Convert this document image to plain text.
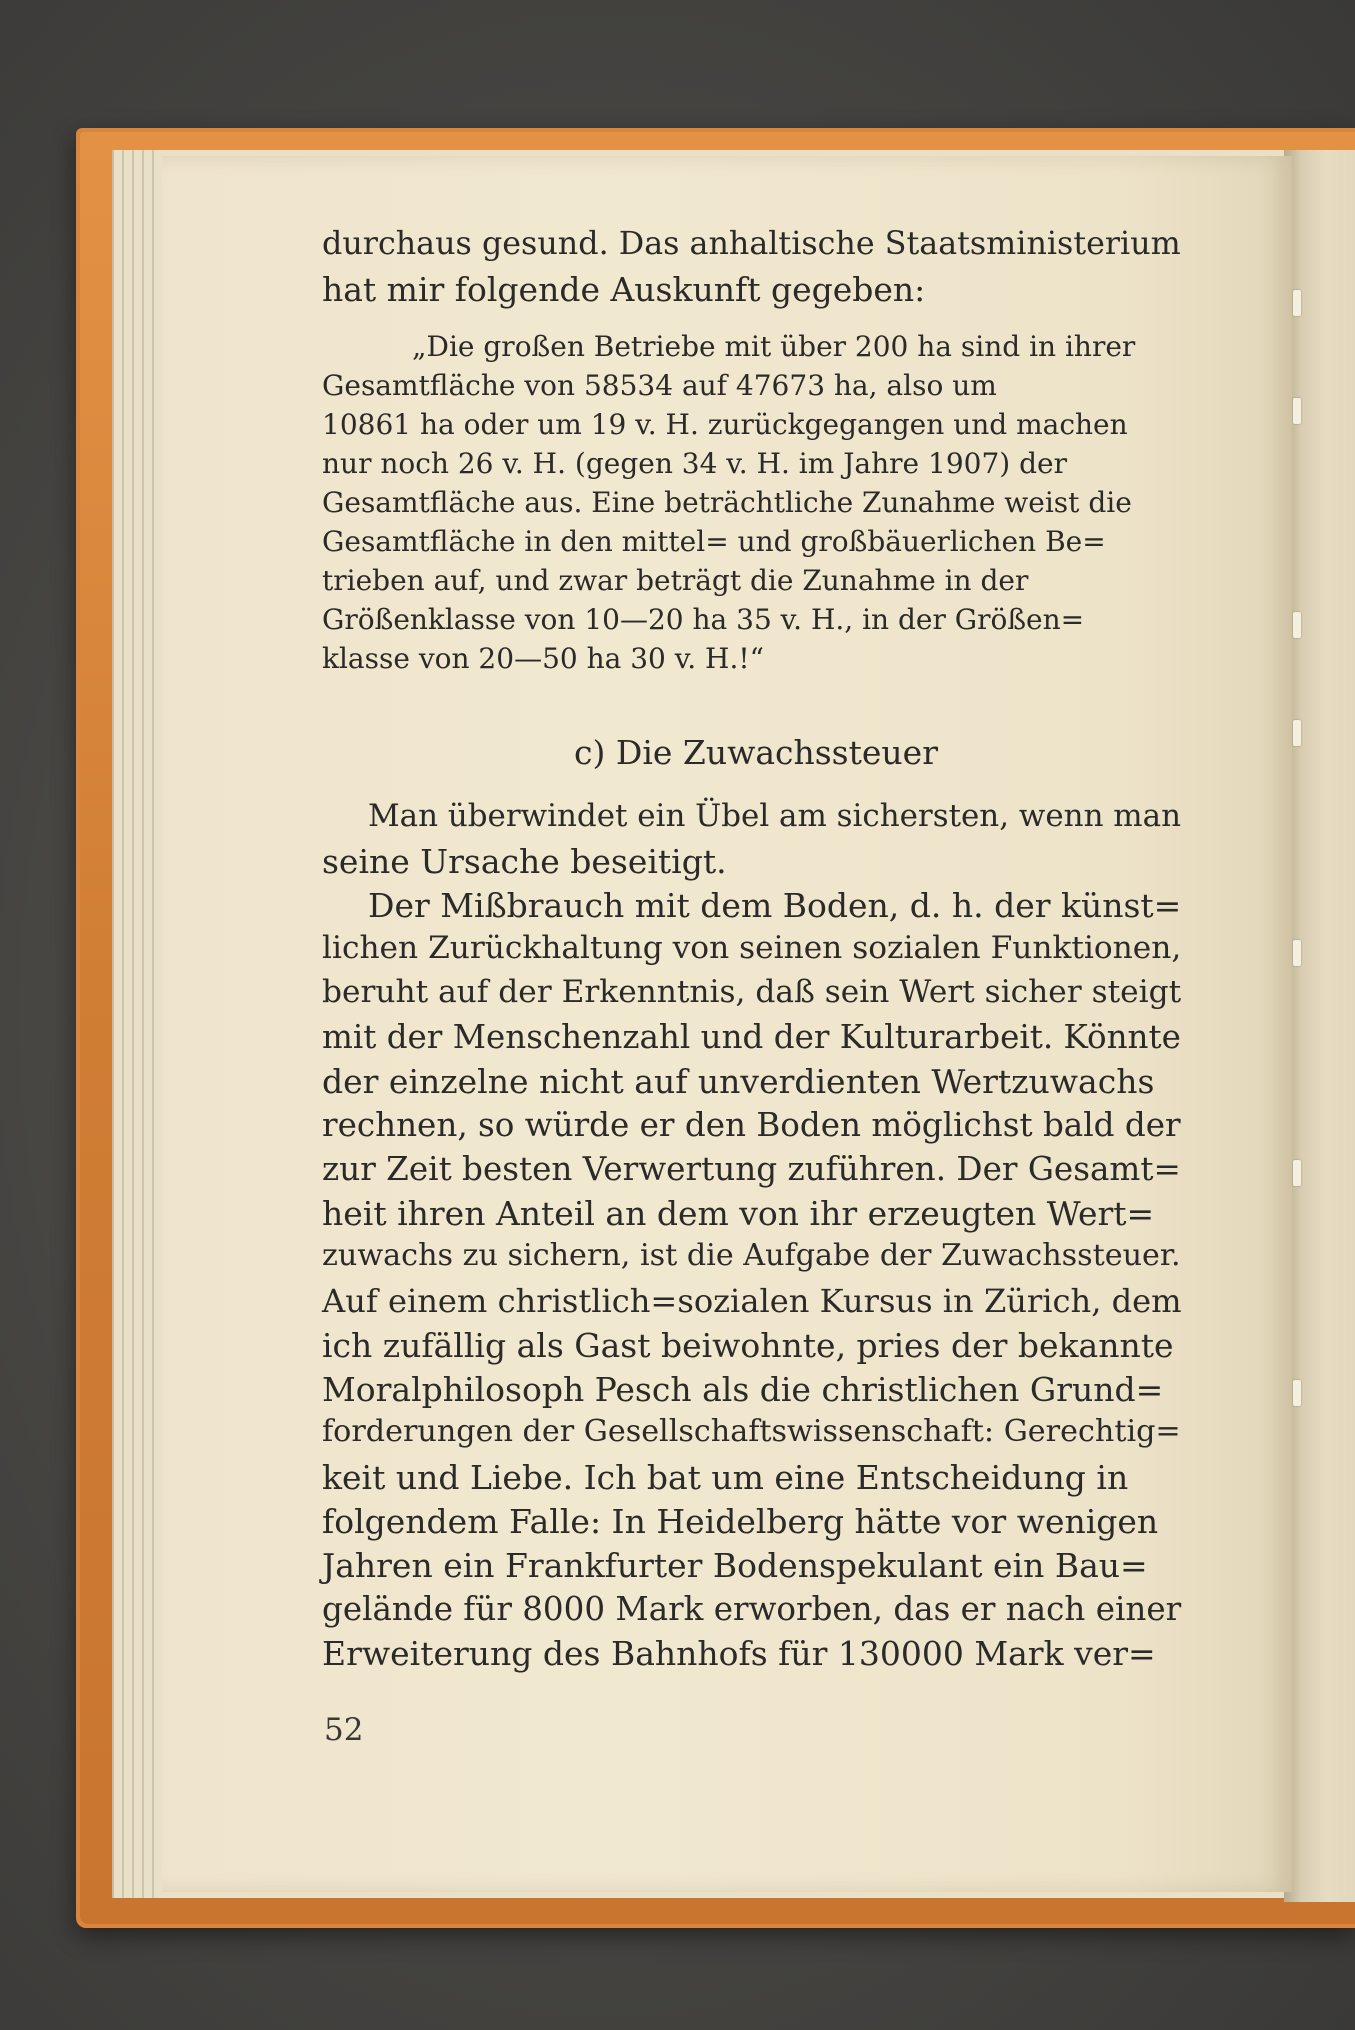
durchaus gesund. Das anhaltische Staatsministerium
hat mir folgende Auskunft gegeben:
„Die großen Betriebe mit über 200 ha sind in ihrer
Gesamtfläche von 58534 auf 47673 ha, also um
10861 ha oder um 19 v. H. zurückgegangen und machen
nur noch 26 v. H. (gegen 34 v. H. im Jahre 1907) der
Gesamtfläche aus. Eine beträchtliche Zunahme weist die
Gesamtfläche in den mittel= und großbäuerlichen Be=
trieben auf, und zwar beträgt die Zunahme in der
Größenklasse von 10—20 ha 35 v. H., in der Größen=
klasse von 20—50 ha 30 v. H.!“
c) Die Zuwachssteuer
Man überwindet ein Übel am sichersten, wenn man
seine Ursache beseitigt.
Der Mißbrauch mit dem Boden, d. h. der künst=
lichen Zurückhaltung von seinen sozialen Funktionen,
beruht auf der Erkenntnis, daß sein Wert sicher steigt
mit der Menschenzahl und der Kulturarbeit. Könnte
der einzelne nicht auf unverdienten Wertzuwachs
rechnen, so würde er den Boden möglichst bald der
zur Zeit besten Verwertung zuführen. Der Gesamt=
heit ihren Anteil an dem von ihr erzeugten Wert=
zuwachs zu sichern, ist die Aufgabe der Zuwachssteuer.
Auf einem christlich=sozialen Kursus in Zürich, dem
ich zufällig als Gast beiwohnte, pries der bekannte
Moralphilosoph Pesch als die christlichen Grund=
forderungen der Gesellschaftswissenschaft: Gerechtig=
keit und Liebe. Ich bat um eine Entscheidung in
folgendem Falle: In Heidelberg hätte vor wenigen
Jahren ein Frankfurter Bodenspekulant ein Bau=
gelände für 8000 Mark erworben, das er nach einer
Erweiterung des Bahnhofs für 130000 Mark ver=
52
